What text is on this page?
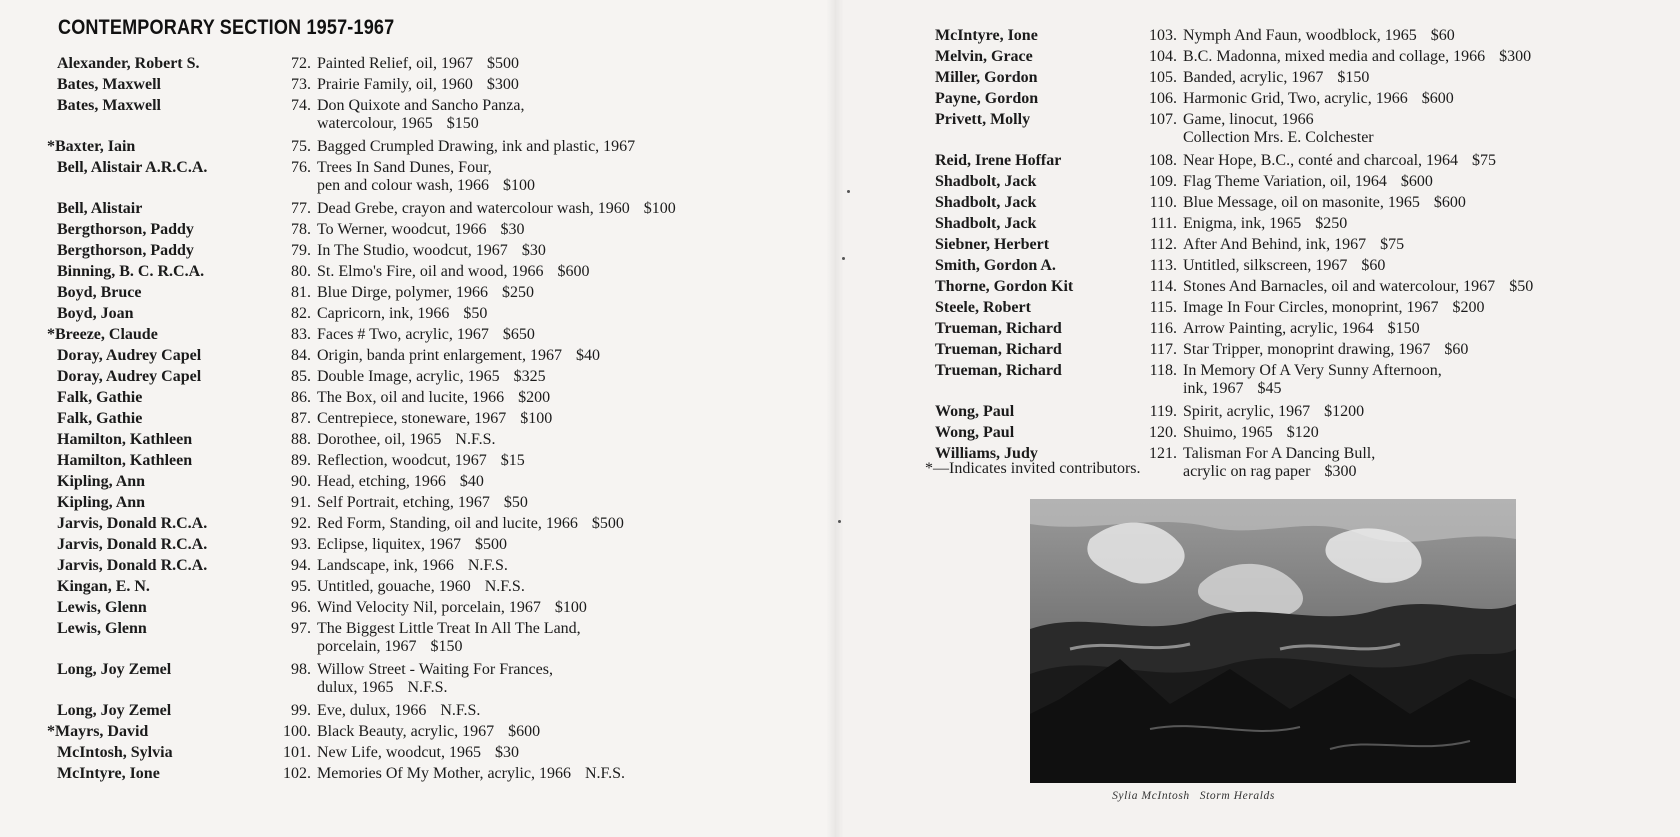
CONTEMPORARY SECTION 1957-1967
Alexander, Robert S.	72. Painted Relief, oil, 1967 $500
Bates, Maxwell	73. Prairie Family, oil, 1960 $300
Bates, Maxwell	74. Don Quixote and Sancho Panza,
watercolour, 1965 $150
*Baxter, Iain	75. Bagged Crumpled Drawing, ink and plastic, 1967
Bell, Alistair A.R.C.A.	76. Trees In Sand Dunes, Four,
pen and colour wash, 1966 $100
Bell, Alistair	77. Dead Grebe, crayon and watercolour wash, 1960 $100
Bergthorson, Paddy	78. To Werner, woodcut, 1966 $30
Bergthorson, Paddy	79. In The Studio, woodcut, 1967 $30
Binning, B. C. R.C.A.	80. St. Elmo's Fire, oil and wood, 1966 $600
Boyd, Bruce	81. Blue Dirge, polymer, 1966 $250
Boyd, Joan	82. Capricorn, ink, 1966 $50
*Breeze, Claude	83. Faces # Two, acrylic, 1967 $650
Doray, Audrey Capel	84. Origin, banda print enlargement, 1967 $40
Doray, Audrey Capel	85. Double Image, acrylic, 1965 $325
Falk, Gathie	86. The Box, oil and lucite, 1966 $200
Falk, Gathie	87. Centrepiece, stoneware, 1967 $100
Hamilton, Kathleen	88. Dorothee, oil, 1965 N.F.S.
Hamilton, Kathleen	89. Reflection, woodcut, 1967 $15
Kipling, Ann	90. Head, etching, 1966 $40
Kipling, Ann	91. Self Portrait, etching, 1967 $50
Jarvis, Donald R.C.A.	92. Red Form, Standing, oil and lucite, 1966 $500
Jarvis, Donald R.C.A.	93. Eclipse, liquitex, 1967 $500
Jarvis, Donald R.C.A.	94. Landscape, ink, 1966 N.F.S.
Kingan, E. N.	95. Untitled, gouache, 1960 N.F.S.
Lewis, Glenn	96. Wind Velocity Nil, porcelain, 1967 $100
Lewis, Glenn	97. The Biggest Little Treat In All The Land,
porcelain, 1967 $150
Long, Joy Zemel	98. Willow Street - Waiting For Frances,
dulux, 1965 N.F.S.
Long, Joy Zemel	99. Eve, dulux, 1966 N.F.S.
*Mayrs, David	100. Black Beauty, acrylic, 1967 $600
McIntosh, Sylvia	101. New Life, woodcut, 1965 $30
McIntyre, Ione	102. Memories Of My Mother, acrylic, 1966 N.F.S.
McIntyre, Ione	103. Nymph And Faun, woodblock, 1965 $60
Melvin, Grace	104. B.C. Madonna, mixed media and collage, 1966 $300
Miller, Gordon	105. Banded, acrylic, 1967 $150
Payne, Gordon	106. Harmonic Grid, Two, acrylic, 1966 $600
Privett, Molly	107. Game, linocut, 1966
Collection Mrs. E. Colchester
Reid, Irene Hoffar	108. Near Hope, B.C., conté and charcoal, 1964 $75
Shadbolt, Jack	109. Flag Theme Variation, oil, 1964 $600
Shadbolt, Jack	110. Blue Message, oil on masonite, 1965 $600
Shadbolt, Jack	111. Enigma, ink, 1965 $250
Siebner, Herbert	112. After And Behind, ink, 1967 $75
Smith, Gordon A.	113. Untitled, silkscreen, 1967 $60
Thorne, Gordon Kit	114. Stones And Barnacles, oil and watercolour, 1967 $50
Steele, Robert	115. Image In Four Circles, monoprint, 1967 $200
Trueman, Richard	116. Arrow Painting, acrylic, 1964 $150
Trueman, Richard	117. Star Tripper, monoprint drawing, 1967 $60
Trueman, Richard	118. In Memory Of A Very Sunny Afternoon,
ink, 1967 $45
Wong, Paul	119. Spirit, acrylic, 1967 $1200
Wong, Paul	120. Shuimo, 1965 $120
Williams, Judy	121. Talisman For A Dancing Bull,
acrylic on rag paper $300

*—Indicates invited contributors.

Sylia McIntosh Storm Heralds
